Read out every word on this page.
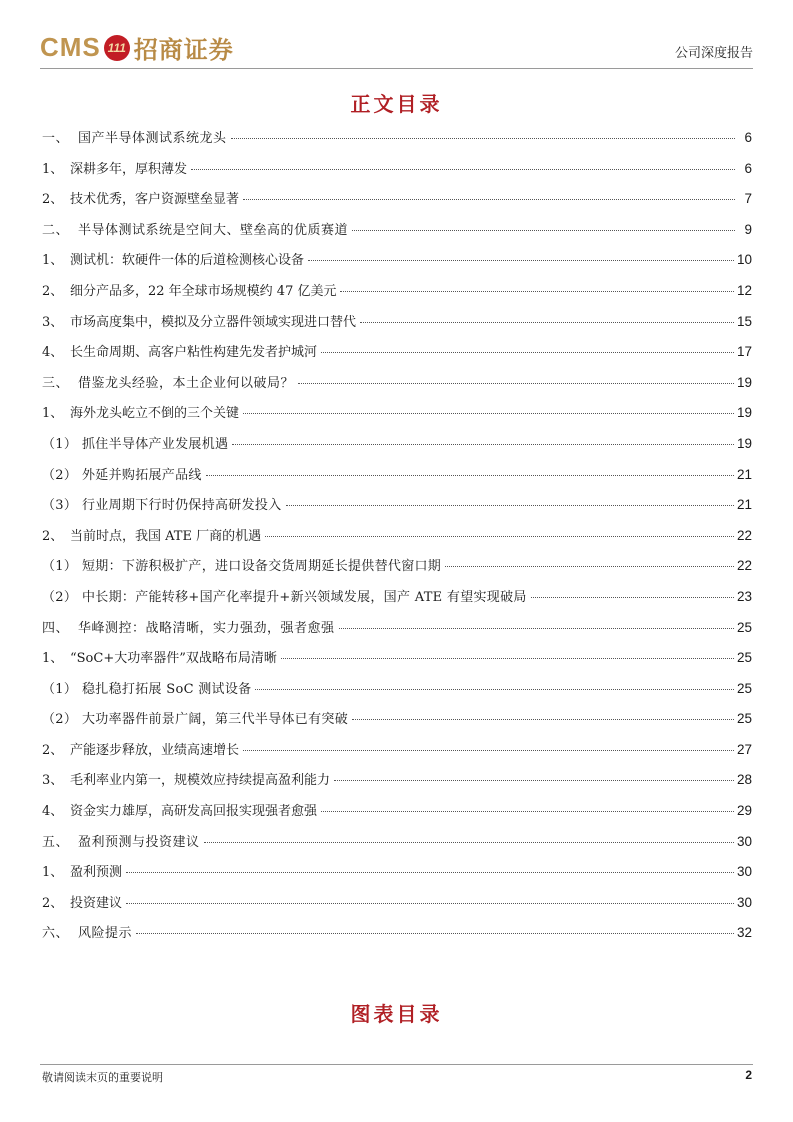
CMS 111 招商证券	公司深度报告
正文目录
一、 国产半导体测试系统龙头	6
1、 深耕多年，厚积薄发	6
2、 技术优秀，客户资源壁垒显著	7
二、 半导体测试系统是空间大、壁垒高的优质赛道	9
1、 测试机：软硬件一体的后道检测核心设备	10
2、 细分产品多，22 年全球市场规模约 47 亿美元	12
3、 市场高度集中，模拟及分立器件领域实现进口替代	15
4、 长生命周期、高客户粘性构建先发者护城河	17
三、 借鉴龙头经验，本土企业何以破局？	19
1、 海外龙头屹立不倒的三个关键	19
（1） 抓住半导体产业发展机遇	19
（2） 外延并购拓展产品线	21
（3） 行业周期下行时仍保持高研发投入	21
2、 当前时点，我国 ATE 厂商的机遇	22
（1） 短期：下游积极扩产，进口设备交货周期延长提供替代窗口期	22
（2） 中长期：产能转移+国产化率提升+新兴领域发展，国产 ATE 有望实现破局	23
四、 华峰测控：战略清晰，实力强劲，强者愈强	25
1、 “SoC+大功率器件”双战略布局清晰	25
（1） 稳扎稳打拓展 SoC 测试设备	25
（2） 大功率器件前景广阔，第三代半导体已有突破	25
2、 产能逐步释放，业绩高速增长	27
3、 毛利率业内第一，规模效应持续提高盈利能力	28
4、 资金实力雄厚，高研发高回报实现强者愈强	29
五、 盈利预测与投资建议	30
1、 盈利预测	30
2、 投资建议	30
六、 风险提示	32
图表目录
敬请阅读末页的重要说明	2
